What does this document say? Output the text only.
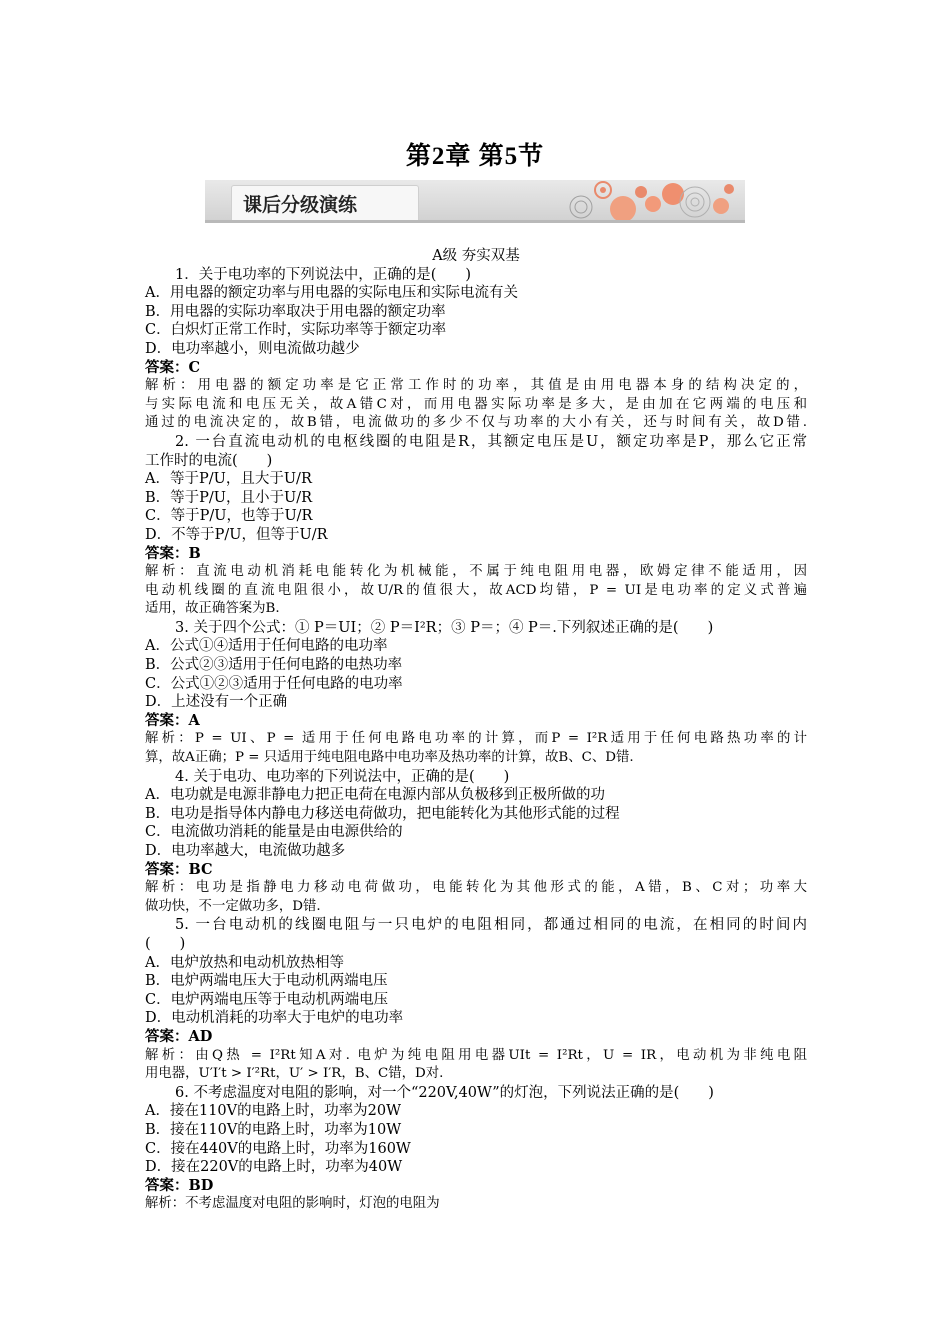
第2章 第5节
课后分级演练
A级 夯实双基
1．关于电功率的下列说法中，正确的是(　　)
A．用电器的额定功率与用电器的实际电压和实际电流有关
B．用电器的实际功率取决于用电器的额定功率
C．白炽灯正常工作时，实际功率等于额定功率
D．电功率越小，则电流做功越少
答案：C
解析：用电器的额定功率是它正常工作时的功率，其值是由用电器本身的结构决定的，
与实际电流和电压无关，故A错C对，而用电器实际功率是多大，是由加在它两端的电压和
通过的电流决定的，故B错，电流做功的多少不仅与功率的大小有关，还与时间有关，故D错.
2. 一台直流电动机的电枢线圈的电阻是R，其额定电压是U，额定功率是P，那么它正常
工作时的电流(　　)
A．等于P/U，且大于U/R
B．等于P/U，且小于U/R
C．等于P/U，也等于U/R
D．不等于P/U，但等于U/R
答案：B
解析：直流电动机消耗电能转化为机械能，不属于纯电阻用电器，欧姆定律不能适用，因
电动机线圈的直流电阻很小，故U/R的值很大，故ACD均错，P = UI是电功率的定义式普遍
适用，故正确答案为B.
3. 关于四个公式：① P＝UI；② P＝I²R；③ P＝；④ P＝.下列叙述正确的是(　　)
A．公式①④适用于任何电路的电功率
B．公式②③适用于任何电路的电热功率
C．公式①②③适用于任何电路的电功率
D．上述没有一个正确
答案：A
解析：P = UI、P = 适用于任何电路电功率的计算，而P = I²R适用于任何电路热功率的计
算，故A正确；P = 只适用于纯电阻电路中电功率及热功率的计算，故B、C、D错.
4. 关于电功、电功率的下列说法中，正确的是(　　)
A．电功就是电源非静电力把正电荷在电源内部从负极移到正极所做的功
B．电功是指导体内静电力移送电荷做功，把电能转化为其他形式能的过程
C．电流做功消耗的能量是由电源供给的
D．电功率越大，电流做功越多
答案：BC
解析：电功是指静电力移动电荷做功，电能转化为其他形式的能，A错，B、C对；功率大
做功快，不一定做功多，D错.
5. 一台电动机的线圈电阻与一只电炉的电阻相同，都通过相同的电流，在相同的时间内
(　　)
A．电炉放热和电动机放热相等
B．电炉两端电压大于电动机两端电压
C．电炉两端电压等于电动机两端电压
D．电动机消耗的功率大于电炉的电功率
答案：AD
解析：由Q热 = I²Rt知A对. 电炉为纯电阻用电器UIt = I²Rt，U = IR，电动机为非纯电阻
用电器，U′I′t > I′²Rt，U′ > I′R，B、C错，D对.
6. 不考虑温度对电阻的影响，对一个“220V,40W”的灯泡，下列说法正确的是(　　)
A．接在110V的电路上时，功率为20W
B．接在110V的电路上时，功率为10W
C．接在440V的电路上时，功率为160W
D．接在220V的电路上时，功率为40W
答案：BD
解析：不考虑温度对电阻的影响时，灯泡的电阻为
